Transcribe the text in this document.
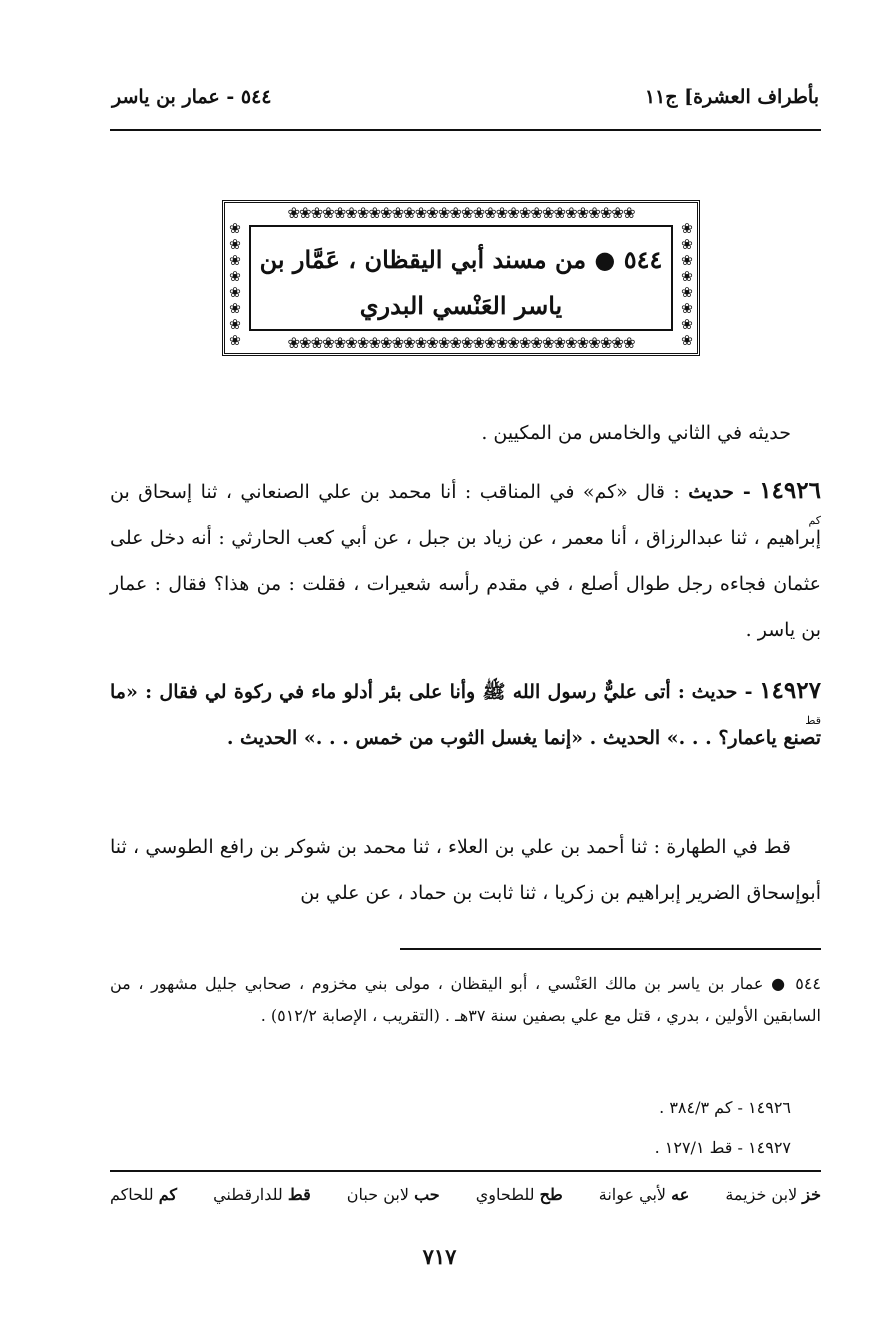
بأطراف العشرة] ج١١
٥٤٤ - عمار بن ياسر
❀❀❀❀❀❀❀❀❀❀❀❀❀❀❀❀❀❀❀❀❀❀❀❀❀❀❀❀❀❀
❀❀❀❀❀❀❀❀❀❀❀❀❀❀❀❀❀❀❀❀❀❀❀❀❀❀❀❀❀❀
❀❀❀❀❀❀❀❀
❀❀❀❀❀❀❀❀
٥٤٤ ● من مسند أبي اليقظان ، عَمَّار بن
ياسر العَنْسي البدري
حديثه في الثاني والخامس من المكيين .
١٤٩٢٦ - حديث : قال «كم» في المناقب : أنا محمد بن علي الصنعاني ، ثنا إسحاق بن إبراهيم ، ثنا عبدالرزاق ، أنا معمر ، عن زياد بن جبل ، عن أبي كعب الحارثي : أنه دخل على عثمان فجاءه رجل طوال أصلع ، في مقدم رأسه شعيرات ، فقلت : من هذا؟ فقال : عمار بن ياسر .
كم
١٤٩٢٧ - حديث : أتى عليٌّ رسول الله ﷺ وأنا على بئر أدلو ماء في ركوة لي فقال : «ما تصنع ياعمار؟ . . .» الحديث . «إنما يغسل الثوب من خمس . . .» الحديث .
قط
قط في الطهارة : ثنا أحمد بن علي بن العلاء ، ثنا محمد بن شوكر بن رافع الطوسي ، ثنا أبوإسحاق الضرير إبراهيم بن زكريا ، ثنا ثابت بن حماد ، عن علي بن
٥٤٤ ● عمار بن ياسر بن مالك العَنْسي ، أبو اليقظان ، مولى بني مخزوم ، صحابي جليل مشهور ، من السابقين الأولين ، بدري ، قتل مع علي بصفين سنة ٣٧هـ . (التقريب ، الإصابة ٥١٢/٢) .
١٤٩٢٦ - كم ٣٨٤/٣ .
١٤٩٢٧ - قط ١٢٧/١ .
خز لابن خزيمة
عه لأبي عوانة
طح للطحاوي
حب لابن حبان
قط للدارقطني
كم للحاكم
٧١٧
